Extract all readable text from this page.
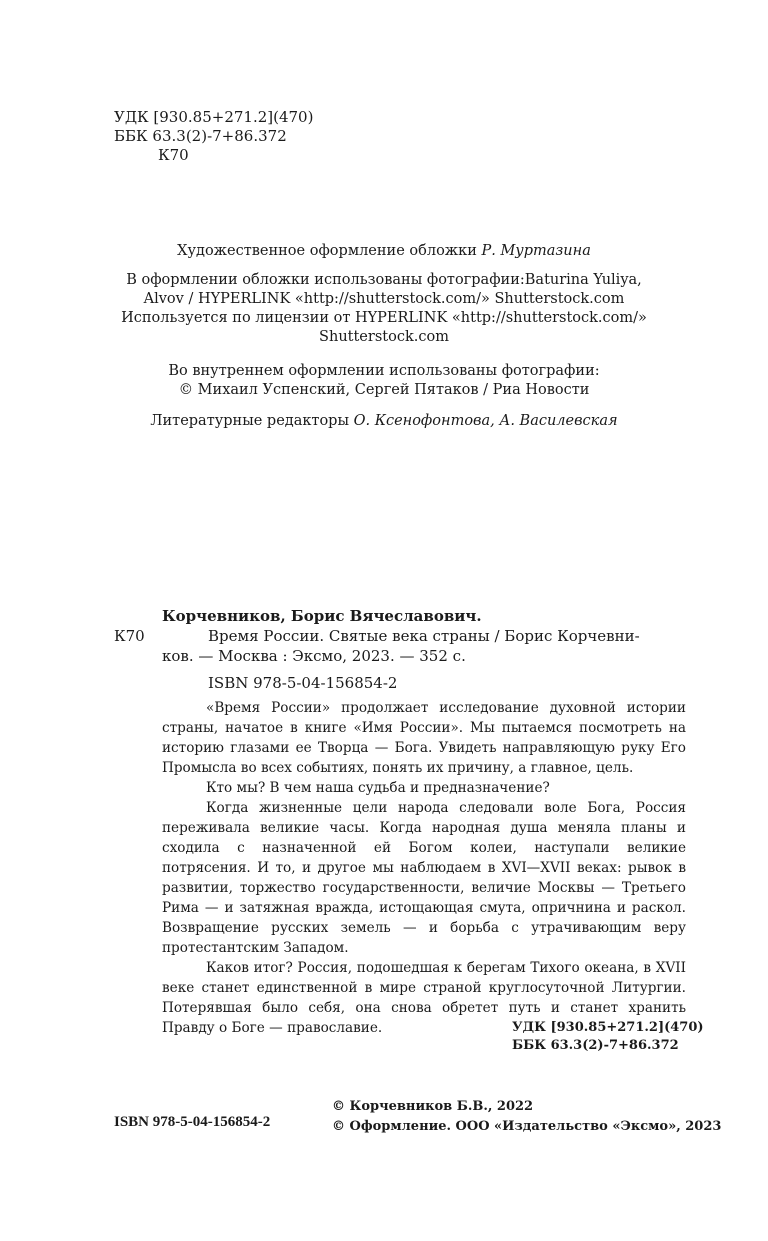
УДК [930.85+271.2](470)
ББК 63.3(2)-7+86.372
К70
Художественное оформление обложки Р. Муртазина
В оформлении обложки использованы фотографии:Baturina Yuliya,
Alvov / HYPERLINK «http://shutterstock.com/» Shutterstock.com
Используется по лицензии от HYPERLINK «http://shutterstock.com/»
Shutterstock.com
Во внутреннем оформлении использованы фотографии:
© Михаил Успенский, Сергей Пятаков / Риа Новости
Литературные редакторы О. Ксенофонтова, А. Василевская
Корчевников, Борис Вячеславович.
К70	Время России. Святые века страны / Борис Корчевни-
ков. — Москва : Эксмо, 2023. — 352 с.
ISBN 978-5-04-156854-2

«Время России» продолжает исследование духовной истории страны, начатое в книге «Имя России». Мы пытаемся посмотреть на историю глазами ее Творца — Бога. Увидеть направляющую руку Его Промысла во всех событиях, понять их причину, а главное, цель.

Кто мы? В чем наша судьба и предназначение?

Когда жизненные цели народа следовали воле Бога, Россия переживала великие часы. Когда народная душа меняла планы и сходила с назначенной ей Богом колеи, наступали великие потрясения. И то, и другое мы наблюдаем в XVI—XVII веках: рывок в развитии, торжество государственности, величие Москвы — Третьего Рима — и затяжная вражда, истощающая смута, опричнина и раскол. Возвращение русских земель — и борьба с утрачивающим веру протестантским Западом.

Каков итог? Россия, подошедшая к берегам Тихого океана, в XVII веке станет единственной в мире страной круглосуточной Литургии. Потерявшая было себя, она снова обретет путь и станет хранить Правду о Боге — православие.	УДК [930.85+271.2](470)
ББК 63.3(2)-7+86.372
ISBN 978-5-04-156854-2
© Корчевников Б.В., 2022
© Оформление. ООО «Издательство «Эксмо», 2023
